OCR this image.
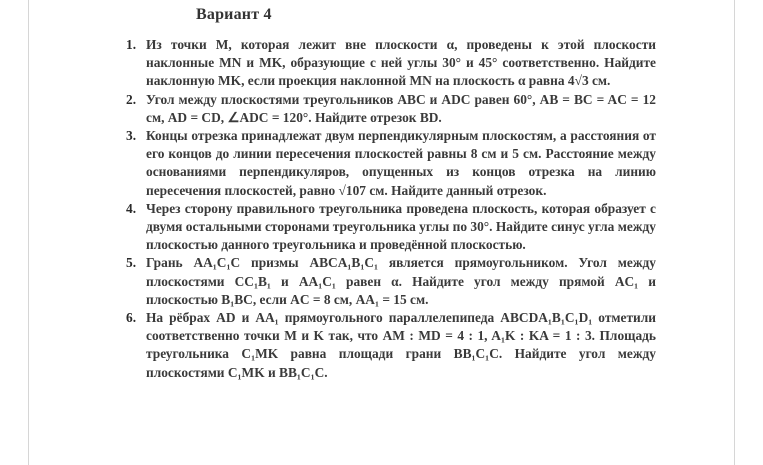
Вариант 4
1. Из точки M, которая лежит вне плоскости α, проведены к этой плоскости наклонные MN и MK, образующие с ней углы 30° и 45° соответственно. Найдите наклонную MK, если проекция наклонной MN на плоскость α равна 4√3 см.
2. Угол между плоскостями треугольников ABC и ADC равен 60°, AB = BC = AC = 12 см, AD = CD, ∠ADC = 120°. Найдите отрезок BD.
3. Концы отрезка принадлежат двум перпендикулярным плоскостям, а расстояния от его концов до линии пересечения плоскостей равны 8 см и 5 см. Расстояние между основаниями перпендикуляров, опущенных из концов отрезка на линию пересечения плоскостей, равно √107 см. Найдите данный отрезок.
4. Через сторону правильного треугольника проведена плоскость, которая образует с двумя остальными сторонами треугольника углы по 30°. Найдите синус угла между плоскостью данного треугольника и проведённой плоскостью.
5. Грань AA₁C₁C призмы ABCA₁B₁C₁ является прямоугольником. Угол между плоскостями CC₁B₁ и AA₁C₁ равен α. Найдите угол между прямой AC₁ и плоскостью B₁BC, если AC = 8 см, AA₁ = 15 см.
6. На рёбрах AD и AA₁ прямоугольного параллелепипеда ABCDA₁B₁C₁D₁ отметили соответственно точки M и K так, что AM : MD = 4 : 1, A₁K : KA = 1 : 3. Площадь треугольника C₁MK равна площади грани BB₁C₁C. Найдите угол между плоскостями C₁MK и BB₁C₁C.
